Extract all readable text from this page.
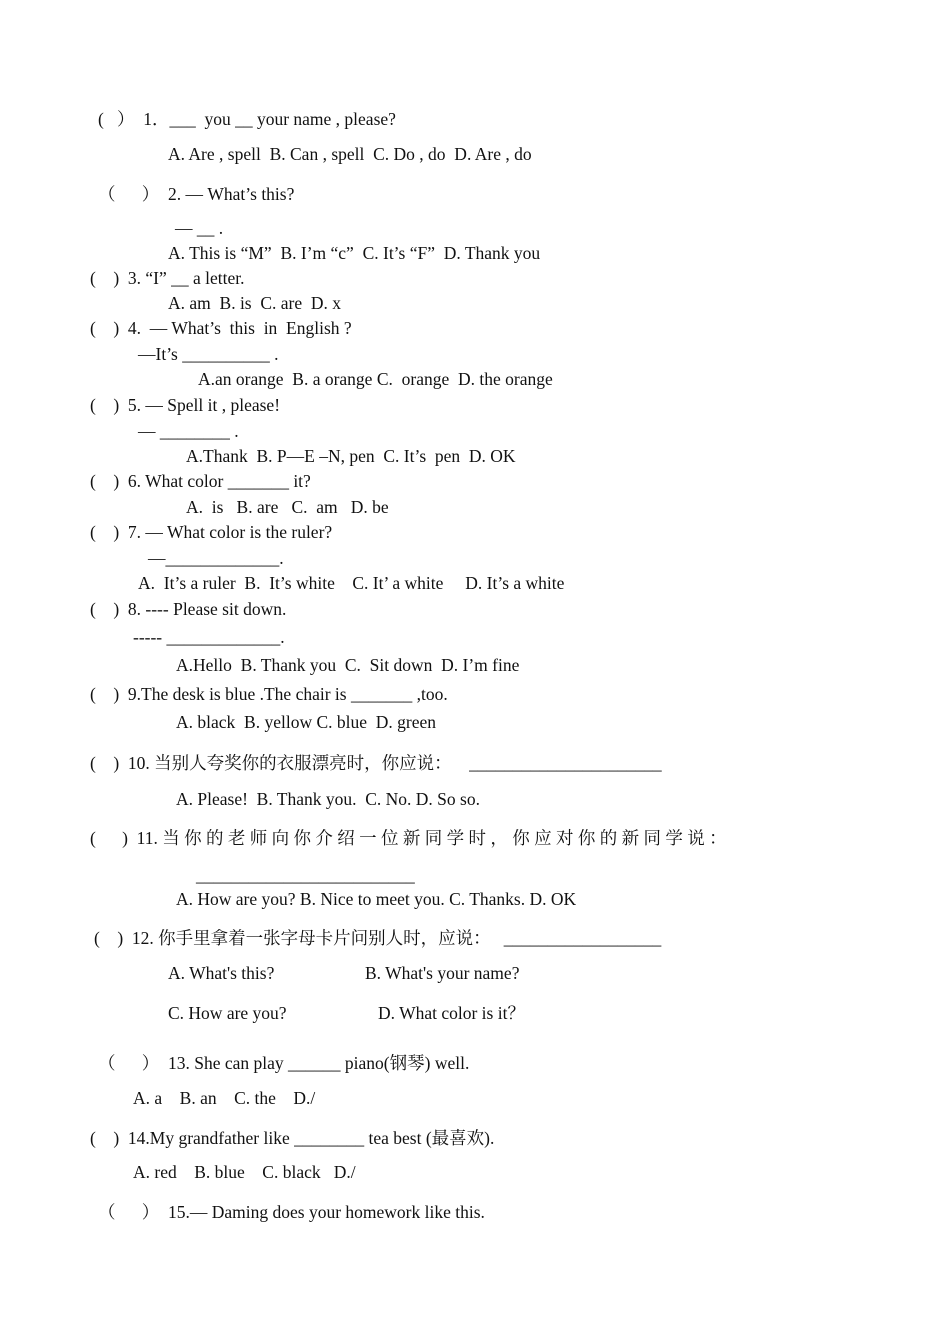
(   ）  1．___  you __ your name , please?
A. Are , spell  B. Can , spell  C. Do , do  D. Are , do
（      ）  2. — What’s this?
— __ .
A. This is “M”  B. I’m “c”  C. It’s “F”  D. Thank you
(    )  3. “I” __ a letter.
A. am  B. is  C. are  D. x
(    )  4.  — What’s  this  in  English ?
—It’s __________ .
A.an orange  B. a orange C.  orange  D. the orange
(    )  5. — Spell it , please!
— ________ .
A.Thank  B. P—E –N, pen  C. It’s  pen  D. OK
(    )  6. What color _______ it?
A.  is   B. are   C.  am   D. be
(    )  7. — What color is the ruler?
—_____________.
A.  It’s a ruler  B.  It’s white    C. It’ a white     D. It’s a white
(    )  8. ---- Please sit down.
----- _____________.
A.Hello  B. Thank you  C.  Sit down  D. I’m fine
(    )  9.The desk is blue .The chair is _______ ,too.
A. black  B. yellow C. blue  D. green
(    )  10. 当别人夸奖你的衣服漂亮时，你应说：    ______________________
A. Please!  B. Thank you.  C. No. D. So so.
(      )  11. 当 你 的 老 师 向 你 介 绍 一 位 新 同 学 时 ， 你 应 对 你 的 新 同 学 说 ：
_________________________
A. How are you? B. Nice to meet you. C. Thanks. D. OK
(    )  12. 你手里拿着一张字母卡片问别人时，应说：   __________________
A. What's this?	B. What's your name?
C. How are you?	D. What color is it？
（      ）  13. She can play ______ piano(钢琴) well.
A. a    B. an    C. the    D./
(    )  14.My grandfather like ________ tea best (最喜欢).
A. red    B. blue    C. black   D./
（      ）  15.— Daming does your homework like this.
